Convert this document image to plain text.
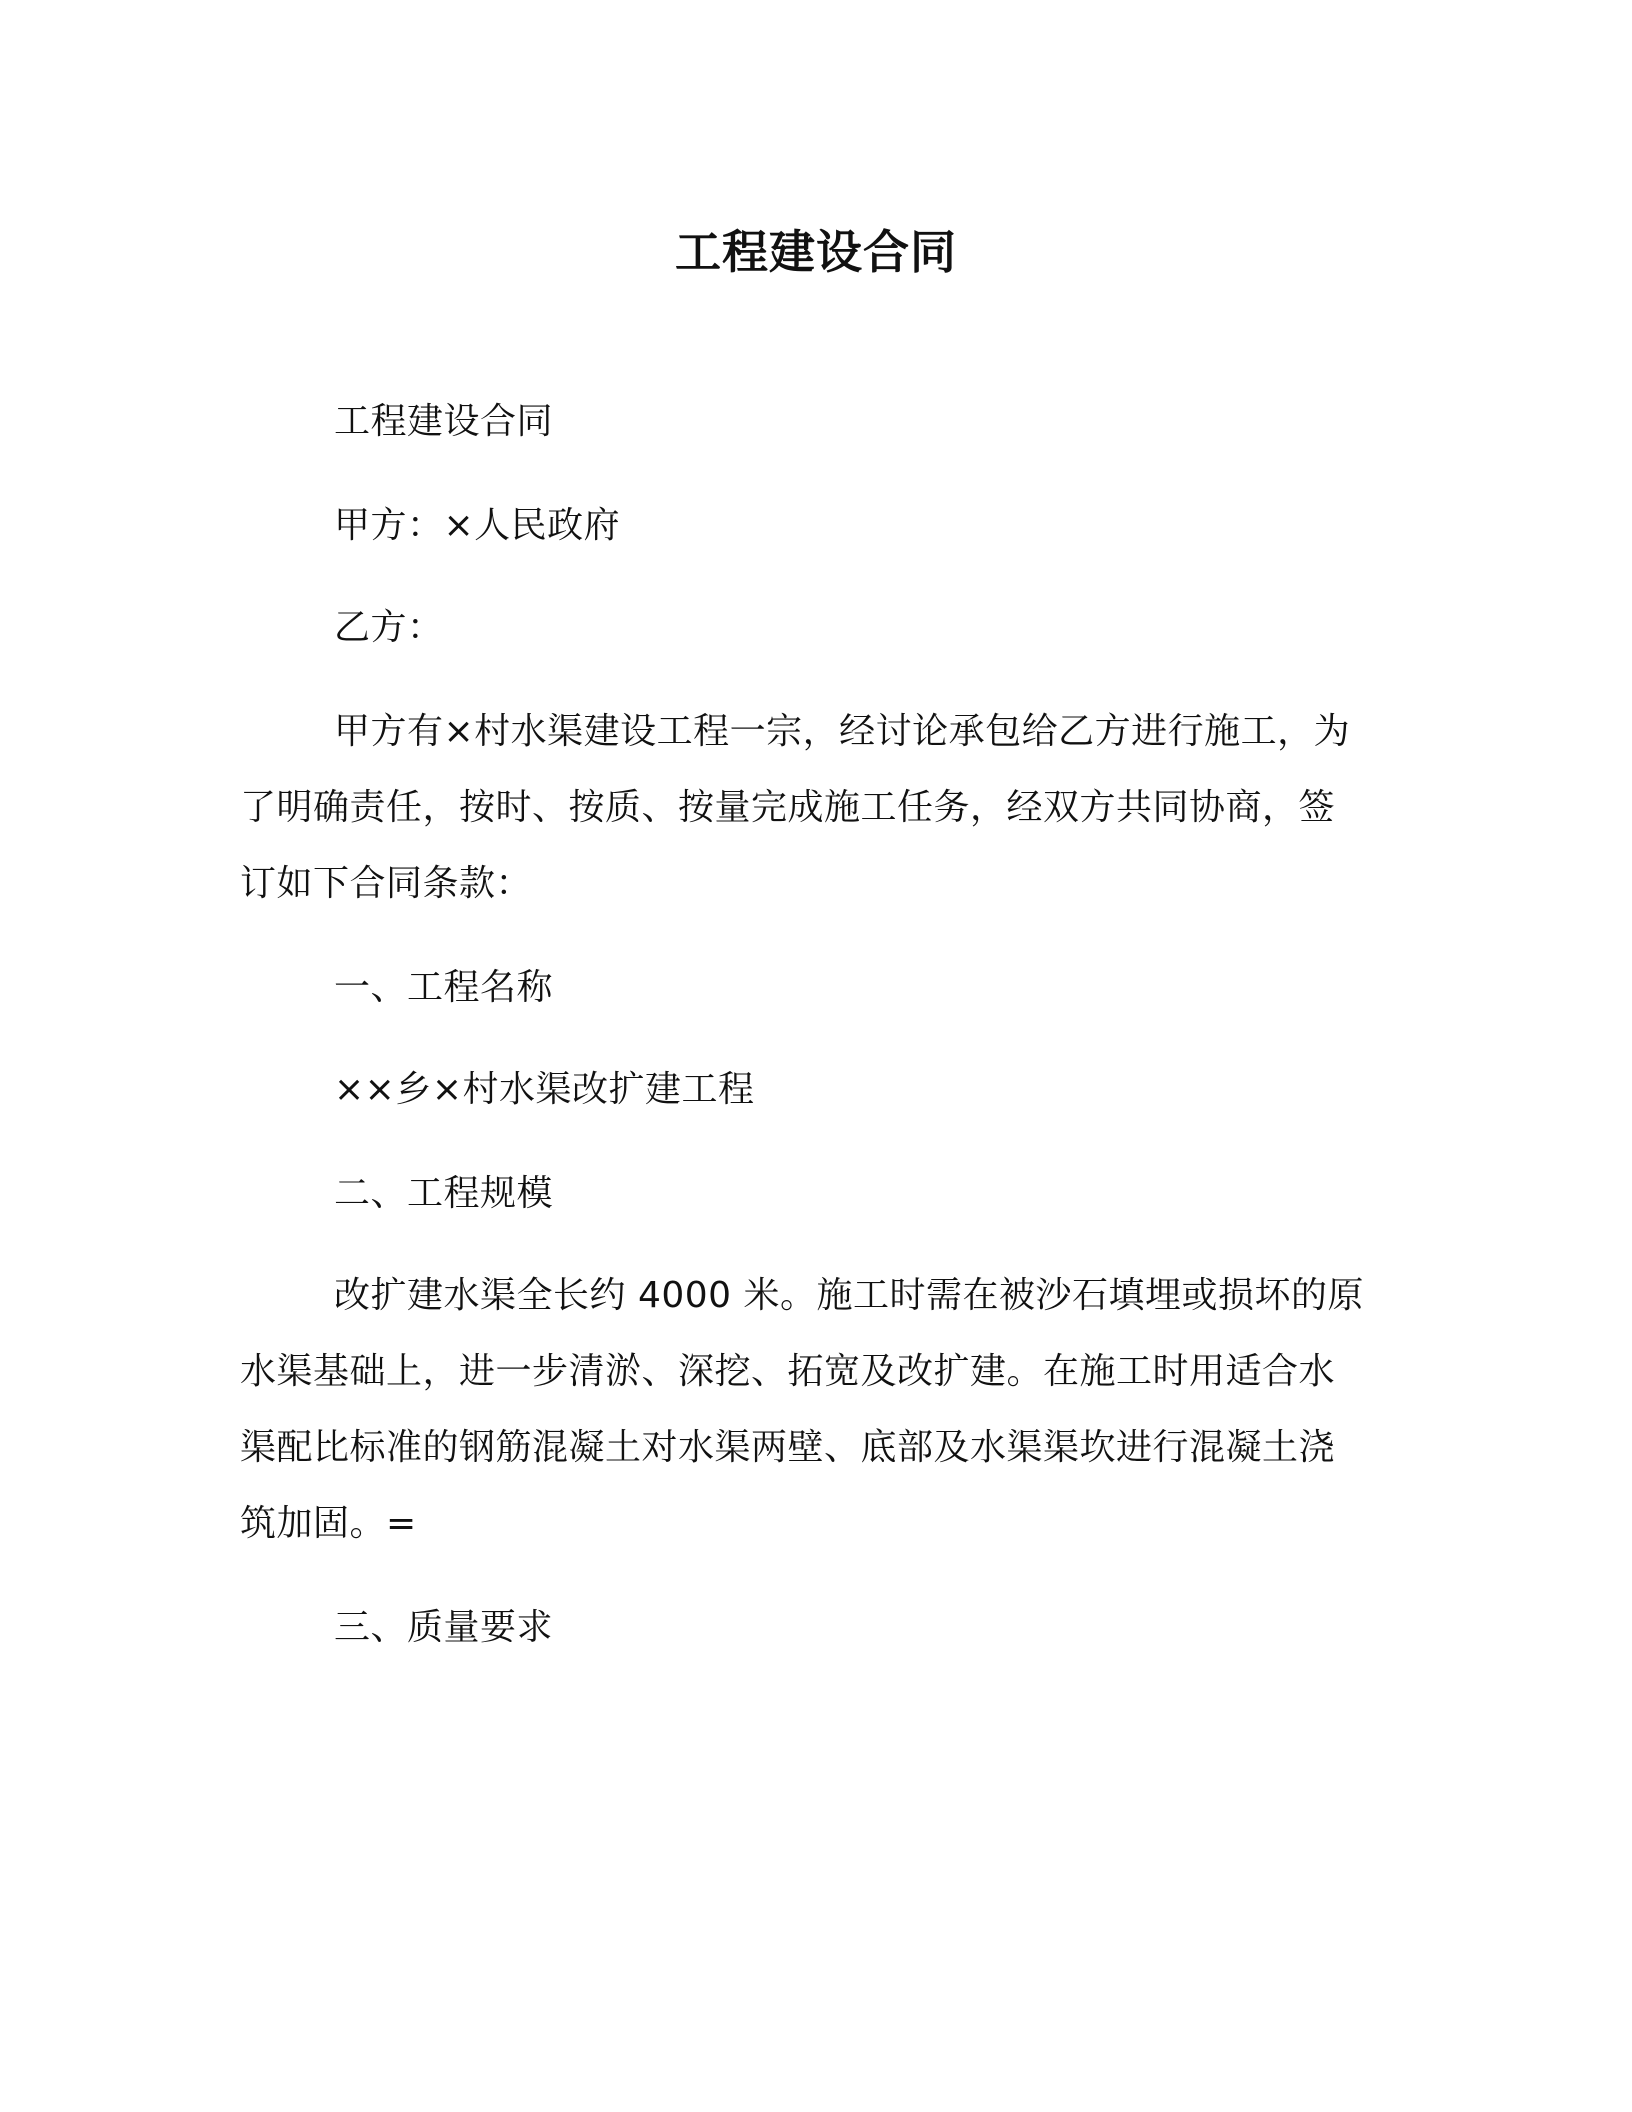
工程建设合同
工程建设合同
甲方：×人民政府
乙方：
甲方有×村水渠建设工程一宗，经讨论承包给乙方进行施工，为
了明确责任，按时、按质、按量完成施工任务，经双方共同协商，签
订如下合同条款：
一、工程名称
××乡×村水渠改扩建工程
二、工程规模
改扩建水渠全长约 4000 米。施工时需在被沙石填埋或损坏的原
水渠基础上，进一步清淤、深挖、拓宽及改扩建。在施工时用适合水
渠配比标准的钢筋混凝土对水渠两壁、底部及水渠渠坎进行混凝土浇
筑加固。=
三、质量要求
